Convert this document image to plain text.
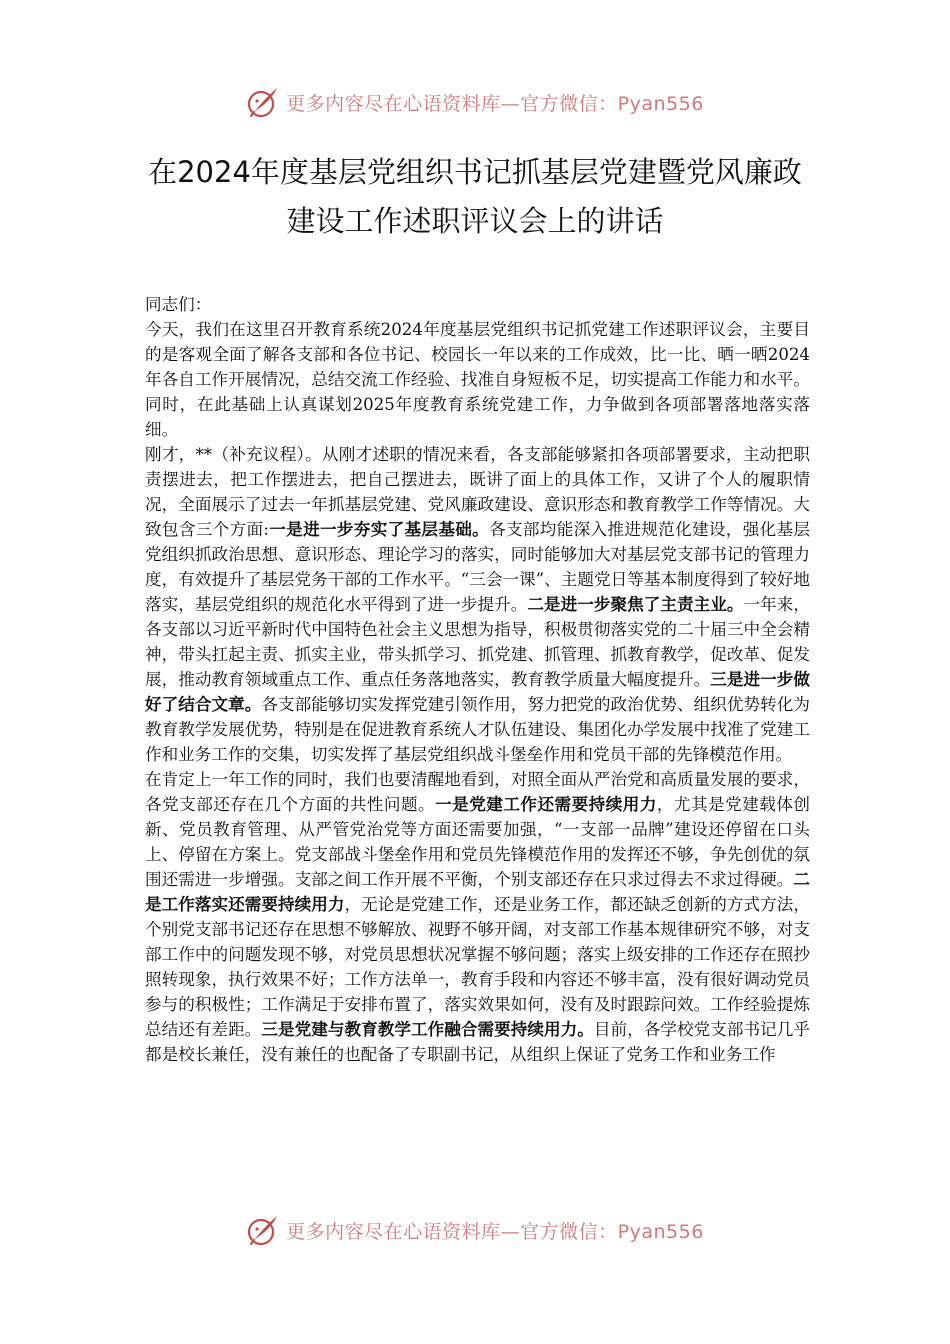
更多内容尽在心语资料库—官方微信：Pyan556
在2024年度基层党组织书记抓基层党建暨党风廉政
建设工作述职评议会上的讲话

同志们：

今天，我们在这里召开教育系统2024年度基层党组织书记抓党建工作述职评议会，主要目的是客观全面了解各支部和各位书记、校园长一年以来的工作成效，比一比、晒一晒2024年各自工作开展情况，总结交流工作经验、找准自身短板不足，切实提高工作能力和水平。同时，在此基础上认真谋划2025年度教育系统党建工作，力争做到各项部署落地落实落细。

刚才，**（补充议程）。从刚才述职的情况来看，各支部能够紧扣各项部署要求，主动把职责摆进去，把工作摆进去，把自己摆进去，既讲了面上的具体工作，又讲了个人的履职情况，全面展示了过去一年抓基层党建、党风廉政建设、意识形态和教育教学工作等情况。大致包含三个方面:一是进一步夯实了基层基础。各支部均能深入推进规范化建设，强化基层党组织抓政治思想、意识形态、理论学习的落实，同时能够加大对基层党支部书记的管理力度，有效提升了基层党务干部的工作水平。“三会一课”、主题党日等基本制度得到了较好地落实，基层党组织的规范化水平得到了进一步提升。二是进一步聚焦了主责主业。一年来，各支部以习近平新时代中国特色社会主义思想为指导，积极贯彻落实党的二十届三中全会精神，带头扛起主责、抓实主业，带头抓学习、抓党建、抓管理、抓教育教学，促改革、促发展，推动教育领域重点工作、重点任务落地落实，教育教学质量大幅度提升。三是进一步做好了结合文章。各支部能够切实发挥党建引领作用，努力把党的政治优势、组织优势转化为教育教学发展优势，特别是在促进教育系统人才队伍建设、集团化办学发展中找准了党建工作和业务工作的交集，切实发挥了基层党组织战斗堡垒作用和党员干部的先锋模范作用。

在肯定上一年工作的同时，我们也要清醒地看到，对照全面从严治党和高质量发展的要求，各党支部还存在几个方面的共性问题。一是党建工作还需要持续用力，尤其是党建载体创新、党员教育管理、从严管党治党等方面还需要加强，“一支部一品牌”建设还停留在口头上、停留在方案上。党支部战斗堡垒作用和党员先锋模范作用的发挥还不够，争先创优的氛围还需进一步增强。支部之间工作开展不平衡，个别支部还存在只求过得去不求过得硬。二是工作落实还需要持续用力，无论是党建工作，还是业务工作，都还缺乏创新的方式方法，个别党支部书记还存在思想不够解放、视野不够开阔，对支部工作基本规律研究不够，对支部工作中的问题发现不够，对党员思想状况掌握不够问题；落实上级安排的工作还存在照抄照转现象，执行效果不好；工作方法单一，教育手段和内容还不够丰富，没有很好调动党员参与的积极性；工作满足于安排布置了，落实效果如何，没有及时跟踪问效。工作经验提炼总结还有差距。三是党建与教育教学工作融合需要持续用力。目前，各学校党支部书记几乎都是校长兼任，没有兼任的也配备了专职副书记，从组织上保证了党务工作和业务工作

更多内容尽在心语资料库—官方微信：Pyan556
